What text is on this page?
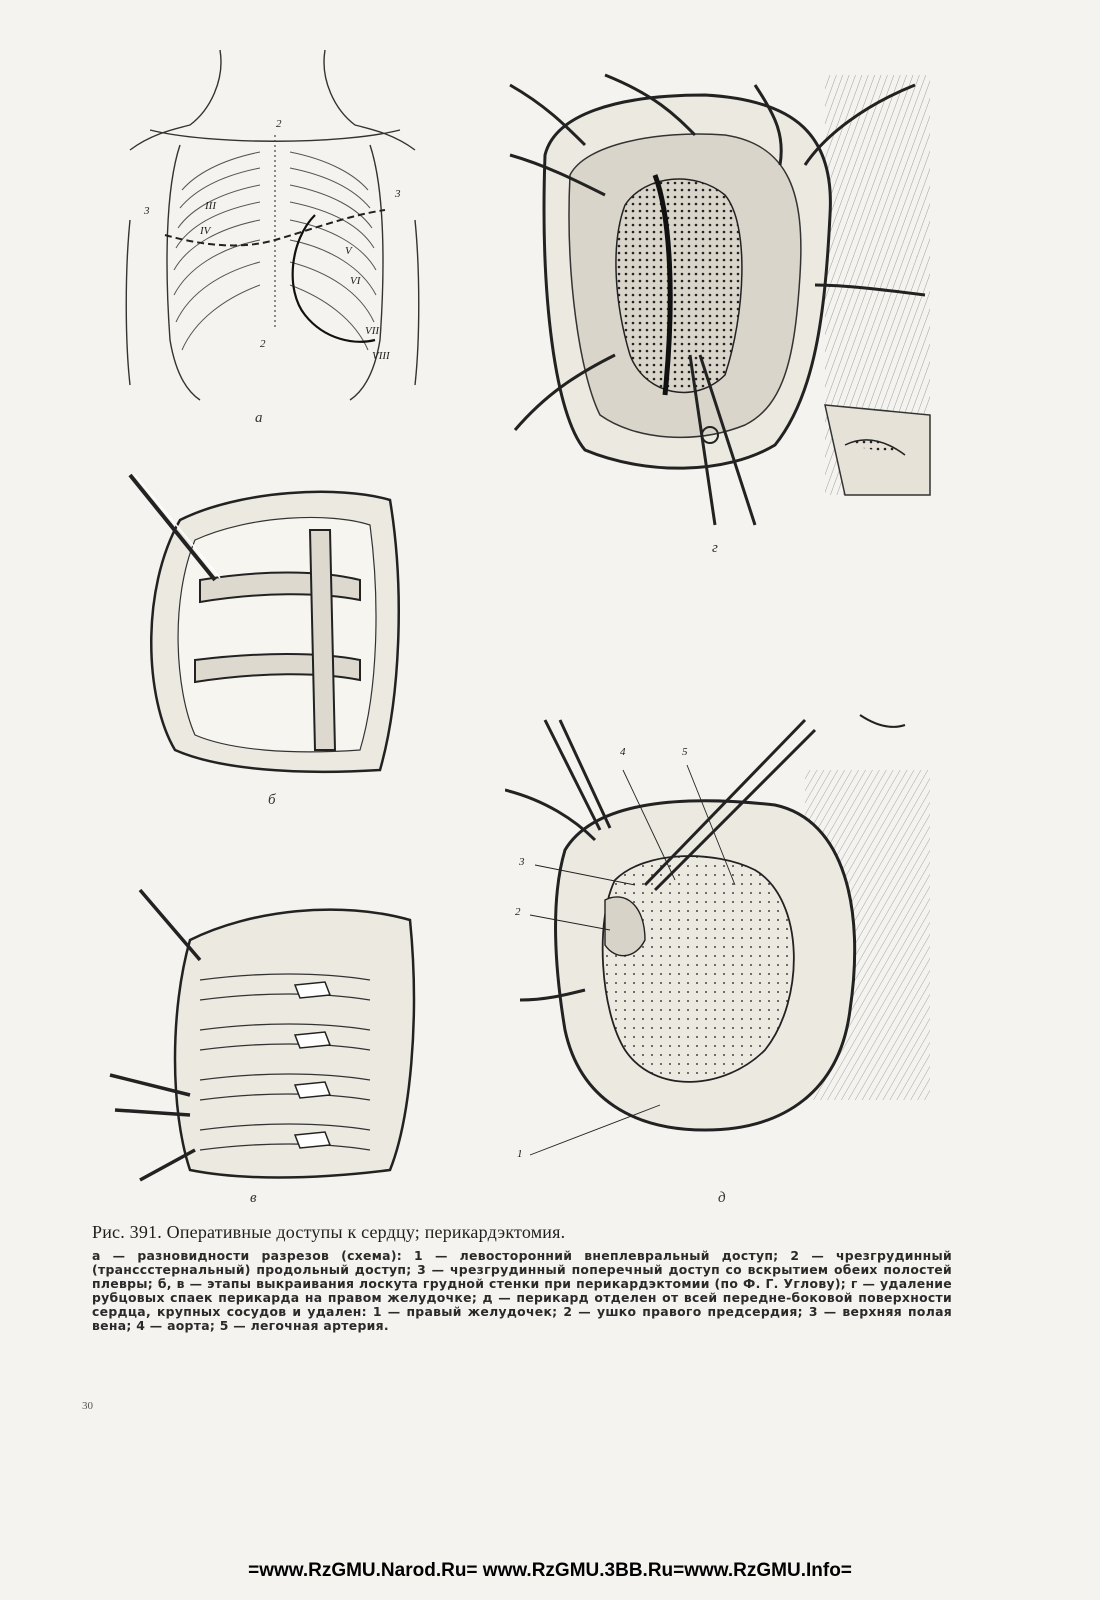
2
2
3
3
III
IV
V
VI
VII
VIII
а
г
б
в
4	5
3
2
1
д

Рис. 391. Оперативные доступы к сердцу; перикардэктомия.

а — разновидности разрезов (схема): 1 — левосторонний внеплевральный доступ; 2 — чрезгрудинный (транссстернальный) продольный доступ; 3 — чрезгрудинный поперечный доступ со вскрытием обеих полостей плевры; б, в — этапы выкраивания лоскута грудной стенки при перикардэктомии (по Ф. Г. Углову); г — удаление рубцовых спаек перикарда на правом желудочке; д — перикард отделен от всей передне-боковой поверхности сердца, крупных сосудов и удален: 1 — правый желудочек; 2 — ушко правого предсердия; 3 — верхняя полая вена; 4 — аорта; 5 — легочная артерия.

30
=www.RzGMU.Narod.Ru= www.RzGMU.3BB.Ru=www.RzGMU.Info=
